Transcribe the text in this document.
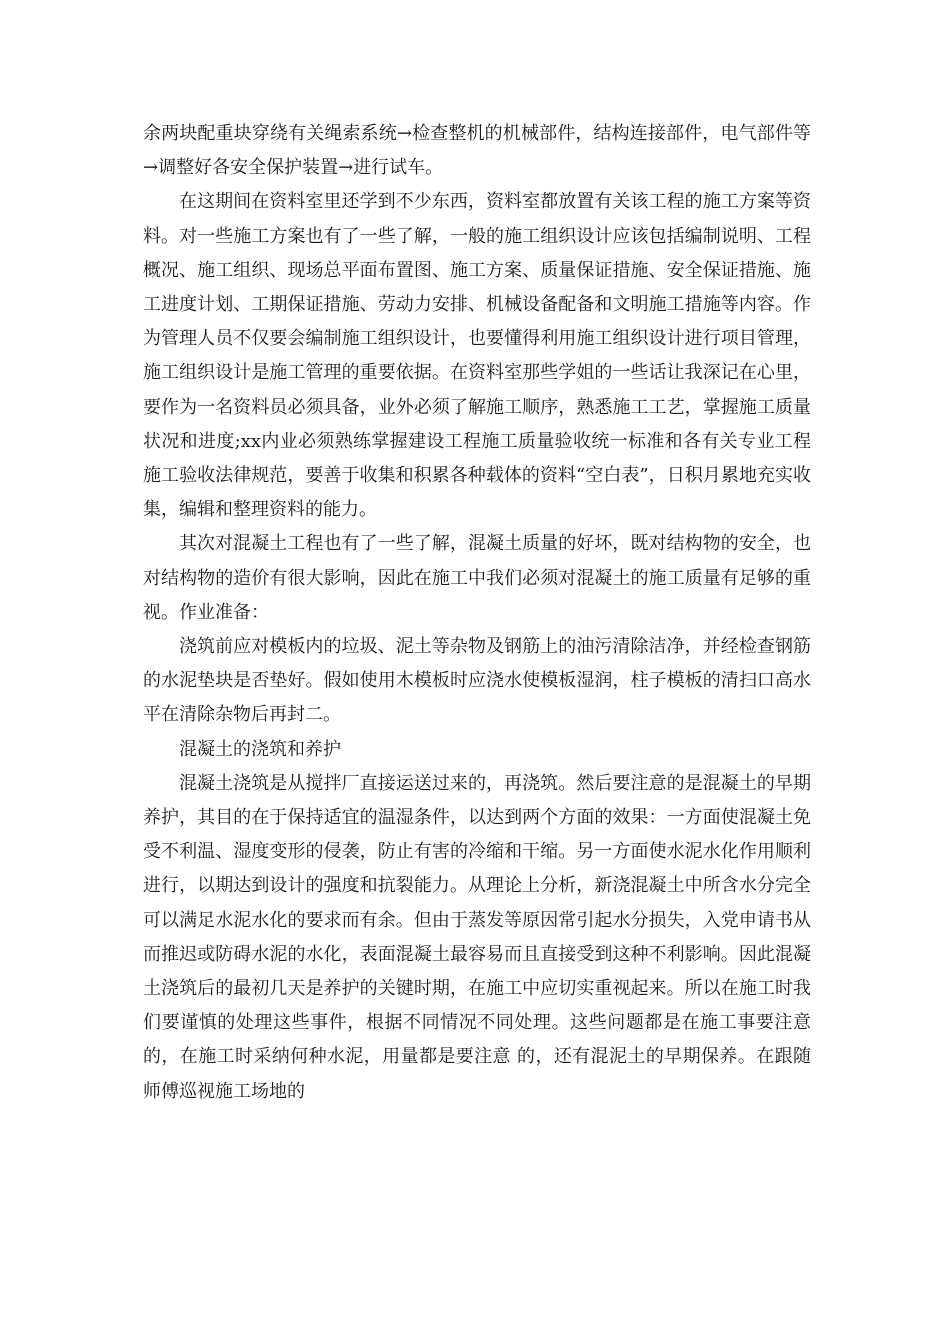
余两块配重块穿绕有关绳索系统→检查整机的机械部件，结构连接部件，电气部件等→调整好各安全保护装置→进行试车。

在这期间在资料室里还学到不少东西，资料室都放置有关该工程的施工方案等资料。对一些施工方案也有了一些了解，一般的施工组织设计应该包括编制说明、工程概况、施工组织、现场总平面布置图、施工方案、质量保证措施、安全保证措施、施工进度计划、工期保证措施、劳动力安排、机械设备配备和文明施工措施等内容。作为管理人员不仅要会编制施工组织设计，也要懂得利用施工组织设计进行项目管理，施工组织设计是施工管理的重要依据。在资料室那些学姐的一些话让我深记在心里，要作为一名资料员必须具备，业外必须了解施工顺序，熟悉施工工艺，掌握施工质量状况和进度;xx内业必须熟练掌握建设工程施工质量验收统一标准和各有关专业工程施工验收法律规范，要善于收集和积累各种载体的资料“空白表”，日积月累地充实收集，编辑和整理资料的能力。

其次对混凝土工程也有了一些了解，混凝土质量的好坏，既对结构物的安全，也对结构物的造价有很大影响，因此在施工中我们必须对混凝土的施工质量有足够的重视。作业准备：

浇筑前应对模板内的垃圾、泥土等杂物及钢筋上的油污清除洁净，并经检查钢筋的水泥垫块是否垫好。假如使用木模板时应浇水使模板湿润，柱子模板的清扫口高水平在清除杂物后再封二。

混凝土的浇筑和养护

混凝土浇筑是从搅拌厂直接运送过来的，再浇筑。然后要注意的是混凝土的早期养护，其目的在于保持适宜的温湿条件，以达到两个方面的效果：一方面使混凝土免受不利温、湿度变形的侵袭，防止有害的冷缩和干缩。另一方面使水泥水化作用顺利进行，以期达到设计的强度和抗裂能力。从理论上分析，新浇混凝土中所含水分完全可以满足水泥水化的要求而有余。但由于蒸发等原因常引起水分损失，入党申请书从而推迟或防碍水泥的水化，表面混凝土最容易而且直接受到这种不利影响。因此混凝土浇筑后的最初几天是养护的关键时期，在施工中应切实重视起来。所以在施工时我们要谨慎的处理这些事件，根据不同情况不同处理。这些问题都是在施工事要注意的，在施工时采纳何种水泥，用量都是要注意 的，还有混泥土的早期保养。在跟随师傅巡视施工场地的
